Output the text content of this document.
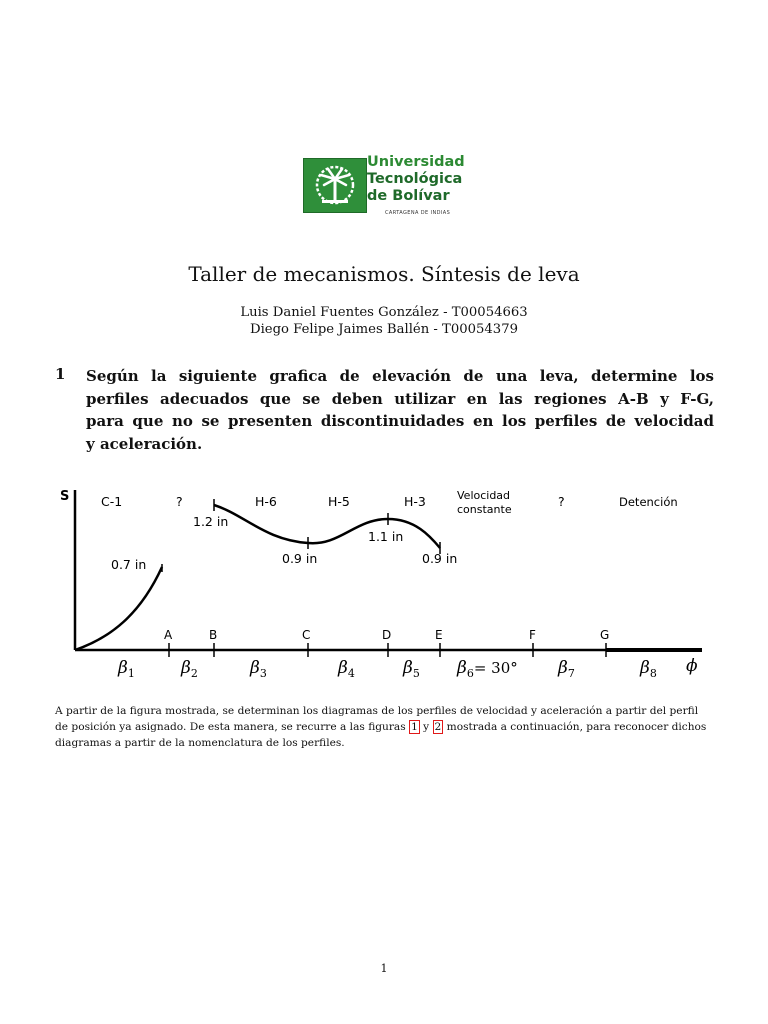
Universidad
Tecnológica
de Bolívar
CARTAGENA DE INDIAS
Taller de mecanismos. Síntesis de leva
Luis Daniel Fuentes González - T00054663
Diego Felipe Jaimes Ballén - T00054379
1 Según la siguiente grafica de elevación de una leva, determine los
perfiles adecuados que se deben utilizar en las regiones A-B y F-G,
para que no se presenten discontinuidades en los perfiles de velocidad
y aceleración.
S	C-1	?	H-6	H-5	H-3	Velocidad
constante
?	Detención
0.7 in
1.2 in
0.9 in
1.1 in
0.9 in
A	B	C	D	E	F	G
$\beta_1$	$\beta_2$	$\beta_3$	$\beta_4$	$\beta_5$ $\beta_6= 30^\circ$ $\beta_7$	$\beta_8$ ϕ
A partir de la figura mostrada, se determinan los diagramas de los perfiles de velocidad y aceleración a partir del perfil
de posición ya asignado. De esta manera, se recurre a las figuras 1 y 2 mostrada a continuación, para reconocer dichos
diagramas a partir de la nomenclatura de los perfiles.
1
